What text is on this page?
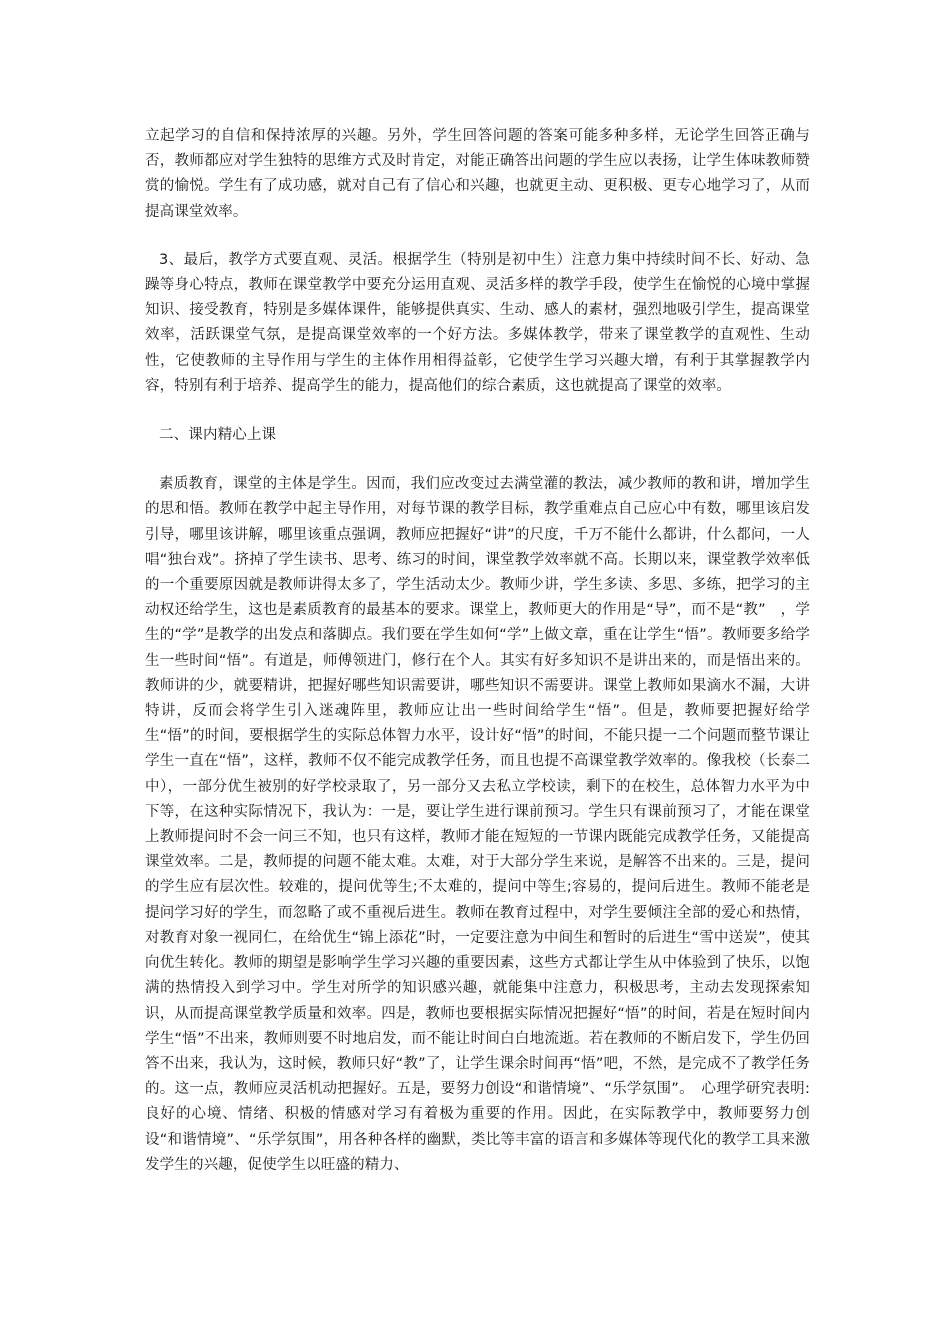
立起学习的自信和保持浓厚的兴趣。另外，学生回答问题的答案可能多种多样，无论学生回答正确与否，教师都应对学生独特的思维方式及时肯定，对能正确答出问题的学生应以表扬，让学生体味教师赞赏的愉悦。学生有了成功感，就对自己有了信心和兴趣，也就更主动、更积极、更专心地学习了，从而提高课堂效率。

3、最后，教学方式要直观、灵活。根据学生（特别是初中生）注意力集中持续时间不长、好动、急躁等身心特点，教师在课堂教学中要充分运用直观、灵活多样的教学手段，使学生在愉悦的心境中掌握知识、接受教育，特别是多媒体课件，能够提供真实、生动、感人的素材，强烈地吸引学生，提高课堂效率，活跃课堂气氛，是提高课堂效率的一个好方法。多媒体教学，带来了课堂教学的直观性、生动性，它使教师的主导作用与学生的主体作用相得益彰，它使学生学习兴趣大增，有利于其掌握教学内容，特别有利于培养、提高学生的能力，提高他们的综合素质，这也就提高了课堂的效率。

二、课内精心上课

素质教育，课堂的主体是学生。因而，我们应改变过去满堂灌的教法，减少教师的教和讲，增加学生的思和悟。教师在教学中起主导作用，对每节课的教学目标，教学重难点自己应心中有数，哪里该启发引导，哪里该讲解，哪里该重点强调，教师应把握好“讲”的尺度，千万不能什么都讲，什么都问，一人唱“独台戏”。挤掉了学生读书、思考、练习的时间，课堂教学效率就不高。长期以来，课堂教学效率低的一个重要原因就是教师讲得太多了，学生活动太少。教师少讲，学生多读、多思、多练，把学习的主动权还给学生，这也是素质教育的最基本的要求。课堂上，教师更大的作用是“导”，而不是“教”　，学生的“学”是教学的出发点和落脚点。我们要在学生如何“学”上做文章，重在让学生“悟”。教师要多给学生一些时间“悟”。有道是，师傅领进门，修行在个人。其实有好多知识不是讲出来的，而是悟出来的。教师讲的少，就要精讲，把握好哪些知识需要讲，哪些知识不需要讲。课堂上教师如果滴水不漏，大讲特讲，反而会将学生引入迷魂阵里，教师应让出一些时间给学生“悟”。但是，教师要把握好给学生“悟”的时间，要根据学生的实际总体智力水平，设计好“悟”的时间，不能只提一二个问题而整节课让学生一直在“悟”，这样，教师不仅不能完成教学任务，而且也提不高课堂教学效率的。像我校（长泰二中），一部分优生被别的好学校录取了，另一部分又去私立学校读，剩下的在校生，总体智力水平为中下等，在这种实际情况下，我认为：一是，要让学生进行课前预习。学生只有课前预习了，才能在课堂上教师提问时不会一问三不知，也只有这样，教师才能在短短的一节课内既能完成教学任务，又能提高课堂效率。二是，教师提的问题不能太难。太难，对于大部分学生来说，是解答不出来的。三是，提问的学生应有层次性。较难的，提问优等生;不太难的，提问中等生;容易的，提问后进生。教师不能老是提问学习好的学生，而忽略了或不重视后进生。教师在教育过程中，对学生要倾注全部的爱心和热情，对教育对象一视同仁，在给优生“锦上添花”时，一定要注意为中间生和暂时的后进生“雪中送炭”，使其向优生转化。教师的期望是影响学生学习兴趣的重要因素，这些方式都让学生从中体验到了快乐，以饱满的热情投入到学习中。学生对所学的知识感兴趣，就能集中注意力，积极思考，主动去发现探索知识，从而提高课堂教学质量和效率。四是，教师也要根据实际情况把握好“悟”的时间，若是在短时间内学生“悟”不出来，教师则要不时地启发，而不能让时间白白地流逝。若在教师的不断启发下，学生仍回答不出来，我认为，这时候，教师只好“教”了，让学生课余时间再“悟”吧，不然，是完成不了教学任务的。这一点，教师应灵活机动把握好。五是，要努力创设“和谐情境”、“乐学氛围”。　心理学研究表明:良好的心境、情绪、积极的情感对学习有着极为重要的作用。因此，在实际教学中，教师要努力创设“和谐情境”、“乐学氛围”，用各种各样的幽默，类比等丰富的语言和多媒体等现代化的教学工具来激发学生的兴趣，促使学生以旺盛的精力、
